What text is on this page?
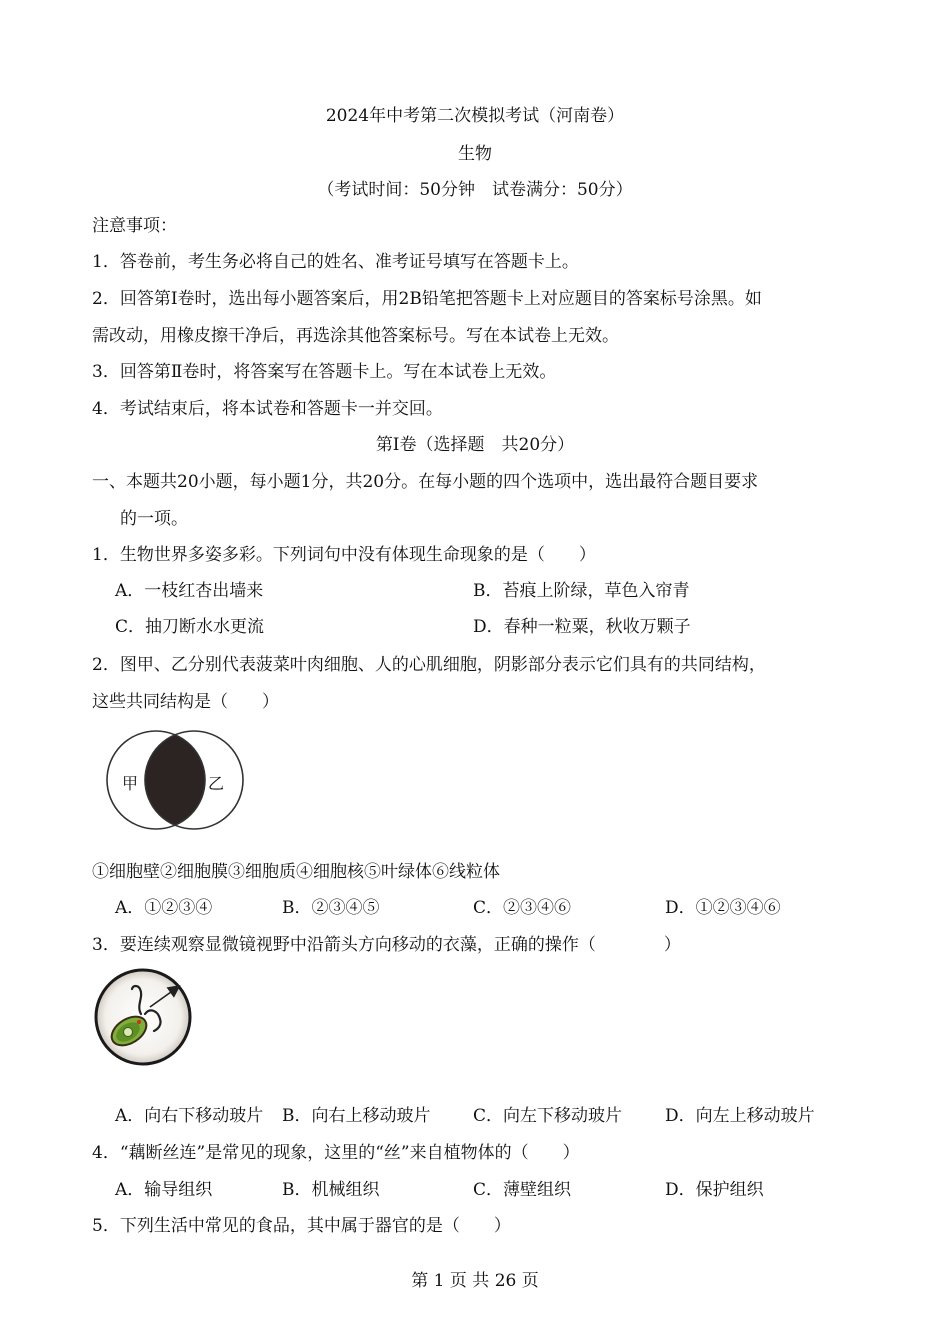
2024年中考第二次模拟考试（河南卷）
生物
（考试时间：50分钟　试卷满分：50分）
注意事项：
1．答卷前，考生务必将自己的姓名、准考证号填写在答题卡上。
2．回答第Ⅰ卷时，选出每小题答案后，用2B铅笔把答题卡上对应题目的答案标号涂黑。如
需改动，用橡皮擦干净后，再选涂其他答案标号。写在本试卷上无效。
3．回答第Ⅱ卷时，将答案写在答题卡上。写在本试卷上无效。
4．考试结束后，将本试卷和答题卡一并交回。
第Ⅰ卷（选择题　共20分）
一、本题共20小题，每小题1分，共20分。在每小题的四个选项中，选出最符合题目要求
的一项。
1．生物世界多姿多彩。下列词句中没有体现生命现象的是（　　）
A．一枝红杏出墙来	B．苔痕上阶绿，草色入帘青
C．抽刀断水水更流	D．春种一粒粟，秋收万颗子
2．图甲、乙分别代表菠菜叶肉细胞、人的心肌细胞，阴影部分表示它们具有的共同结构，
这些共同结构是（　　）
甲	乙
①细胞壁②细胞膜③细胞质④细胞核⑤叶绿体⑥线粒体
A．①②③④	B．②③④⑤	C．②③④⑥	D．①②③④⑥
3．要连续观察显微镜视野中沿箭头方向移动的衣藻，正确的操作（　　　　）
A．向右下移动玻片 B．向右上移动玻片	C．向左下移动玻片	D．向左上移动玻片
4．“藕断丝连”是常见的现象，这里的“丝”来自植物体的（　　）
A．输导组织	B．机械组织	C．薄壁组织	D．保护组织
5．下列生活中常见的食品，其中属于器官的是（　　）
第 1 页 共 26 页
